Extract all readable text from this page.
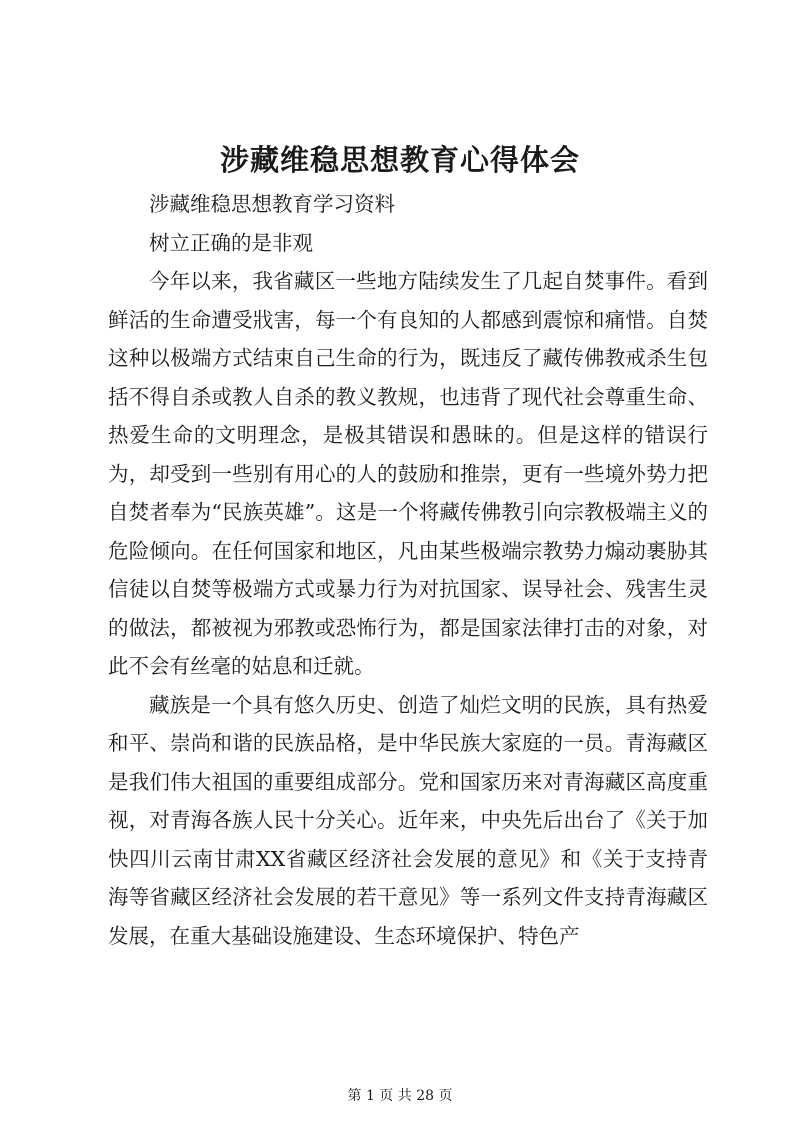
涉藏维稳思想教育心得体会

涉藏维稳思想教育学习资料

树立正确的是非观

今年以来，我省藏区一些地方陆续发生了几起自焚事件。看到鲜活的生命遭受戕害，每一个有良知的人都感到震惊和痛惜。自焚这种以极端方式结束自己生命的行为，既违反了藏传佛教戒杀生包括不得自杀或教人自杀的教义教规，也违背了现代社会尊重生命、热爱生命的文明理念，是极其错误和愚昧的。但是这样的错误行为，却受到一些别有用心的人的鼓励和推崇，更有一些境外势力把自焚者奉为“民族英雄”。这是一个将藏传佛教引向宗教极端主义的危险倾向。在任何国家和地区，凡由某些极端宗教势力煽动裹胁其信徒以自焚等极端方式或暴力行为对抗国家、误导社会、残害生灵的做法，都被视为邪教或恐怖行为，都是国家法律打击的对象，对此不会有丝毫的姑息和迁就。

藏族是一个具有悠久历史、创造了灿烂文明的民族，具有热爱和平、崇尚和谐的民族品格，是中华民族大家庭的一员。青海藏区是我们伟大祖国的重要组成部分。党和国家历来对青海藏区高度重视，对青海各族人民十分关心。近年来，中央先后出台了《关于加快四川云南甘肃XX省藏区经济社会发展的意见》和《关于支持青海等省藏区经济社会发展的若干意见》等一系列文件支持青海藏区发展，在重大基础设施建设、生态环境保护、特色产

第 1 页 共 28 页
